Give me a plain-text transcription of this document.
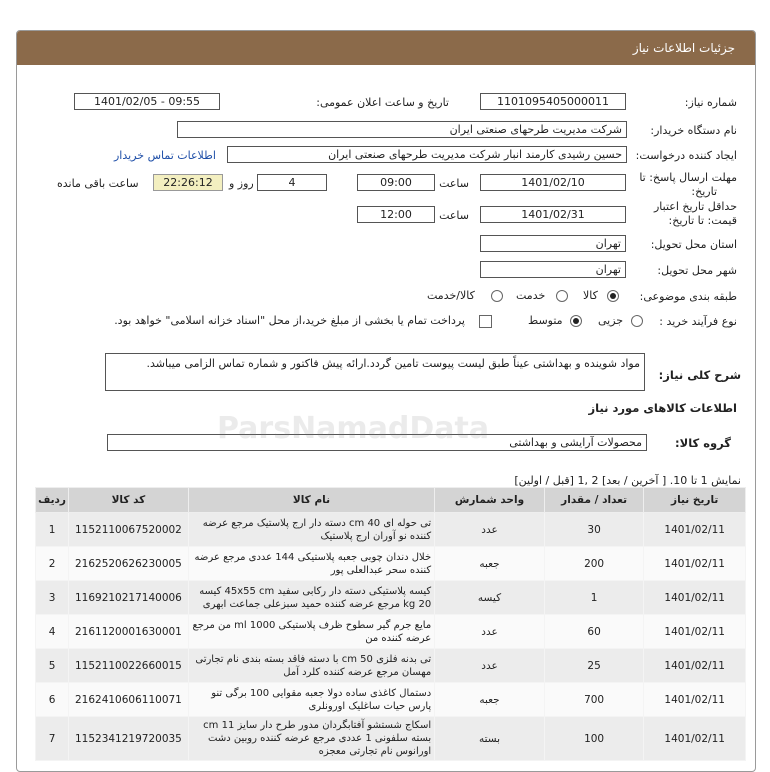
جزئیات اطلاعات نیاز
شماره نیاز:
1101095405000011
تاریخ و ساعت اعلان عمومی:
1401/02/05 - 09:55
نام دستگاه خریدار:
شرکت مدیریت طرحهای صنعتی ایران
ایجاد کننده درخواست:
حسین رشیدی کارمند انبار شرکت مدیریت طرحهای صنعتی ایران
اطلاعات تماس خریدار
مهلت ارسال پاسخ: تا
تاریخ:
1401/02/10
ساعت
09:00
4
روز و
22:26:12
ساعت باقی مانده
حداقل تاریخ اعتبار
قیمت: تا تاریخ:
1401/02/31
ساعت
12:00
استان محل تحویل:
تهران
شهر محل تحویل:
تهران
طبقه بندی موضوعی:
کالا
خدمت
کالا/خدمت
نوع فرآیند خرید :
جزیی
متوسط
پرداخت تمام یا بخشی از مبلغ خرید،از محل "اسناد خزانه اسلامی" خواهد بود.
شرح کلی نیاز:
مواد شوینده و بهداشتی عیناً طبق لیست پیوست تامین گردد.ارائه پیش فاکتور و شماره تماس الزامی میباشد.
اطلاعات کالاهای مورد نیاز
گروه کالا:
محصولات آرایشی و بهداشتی
نمایش 1 تا 10. [ آخرین / بعد] 2 ,1 [قبل / اولین]
ParsNamadData
ردیف	کد کالا	نام کالا	واحد شمارش	تعداد / مقدار	تاریخ نیاز
1	1152110067520002	تی حوله ای 40 cm دسته دار ارج پلاستیک مرجع عرضه کننده نو آوران ارج پلاستیک	عدد	30	1401/02/11
2	2162520626230005	خلال دندان چوبی جعبه پلاستیکی 144 عددی مرجع عرضه کننده سحر عبدالعلی پور	جعبه	200	1401/02/11
3	1169210217140006	کیسه پلاستیکی دسته دار رکابی سفید 45x55 cm کیسه 20 kg مرجع عرضه کننده حمید سبزعلی جماعت ابهری	کیسه	1	1401/02/11
4	2161120001630001	مایع جرم گیر سطوح ظرف پلاستیکی 1000 ml من مرجع عرضه کننده من	عدد	60	1401/02/11
5	1152110022660015	تی بدنه فلزی 50 cm با دسته فاقد بسته بندی نام تجارتی مهسان مرجع عرضه کننده کلرد آمل	عدد	25	1401/02/11
6	2162410606110071	دستمال کاغذی ساده دولا جعبه مقوایی 100 برگی تنو پارس حیات ساغلیک اورونلری	جعبه	700	1401/02/11
7	1152341219720035	اسکاج شستشو آفتابگردان مدور طرح دار سایز 11 cm بسته سلفونی 1 عددی مرجع عرضه کننده روبین دشت اورانوس نام تجارتی معجزه	بسته	100	1401/02/11
